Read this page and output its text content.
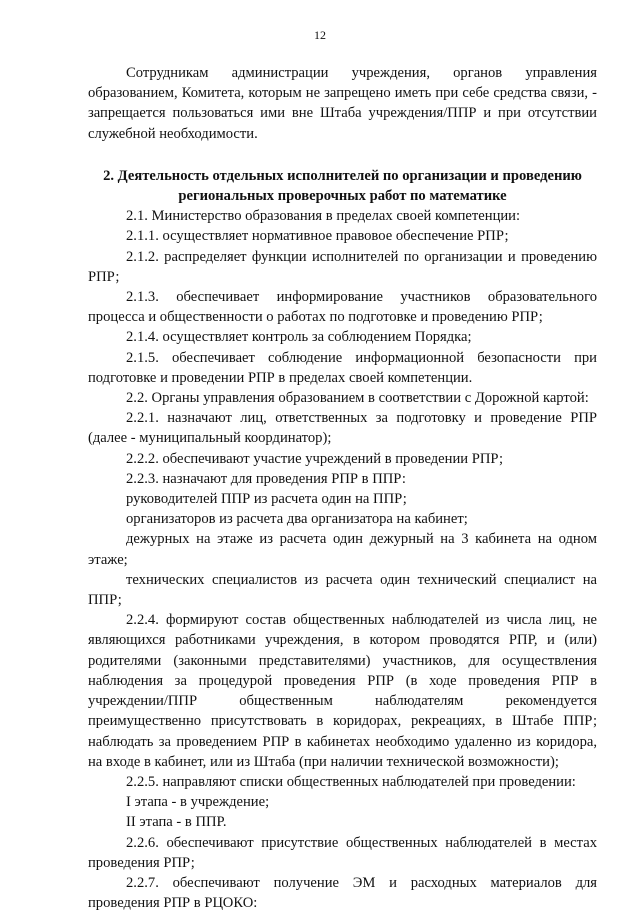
12

Сотрудникам администрации учреждения, органов управления образованием, Комитета, которым не запрещено иметь при себе средства связи, - запрещается пользоваться ими вне Штаба учреждения/ППР и при отсутствии служебной необходимости.

2. Деятельность отдельных исполнителей по организации и проведению региональных проверочных работ по математике

2.1. Министерство образования в пределах своей компетенции:

2.1.1. осуществляет нормативное правовое обеспечение РПР;

2.1.2. распределяет функции исполнителей по организации и проведению РПР;

2.1.3. обеспечивает информирование участников образовательного процесса и общественности о работах по подготовке и проведению РПР;

2.1.4. осуществляет контроль за соблюдением Порядка;

2.1.5. обеспечивает соблюдение информационной безопасности при подготовке и проведении РПР в пределах своей компетенции.

2.2. Органы управления образованием в соответствии с Дорожной картой:

2.2.1. назначают лиц, ответственных за подготовку и проведение РПР (далее - муниципальный координатор);

2.2.2. обеспечивают участие учреждений в проведении РПР;

2.2.3. назначают для проведения РПР в ППР:

руководителей ППР из расчета один на ППР;

организаторов из расчета два организатора на кабинет;

дежурных на этаже из расчета один дежурный на 3 кабинета на одном этаже;

технических специалистов из расчета один технический специалист на ППР;

2.2.4. формируют состав общественных наблюдателей из числа лиц, не являющихся работниками учреждения, в котором проводятся РПР, и (или) родителями (законными представителями) участников, для осуществления наблюдения за процедурой проведения РПР (в ходе проведения РПР в учреждении/ППР общественным наблюдателям рекомендуется преимущественно присутствовать в коридорах, рекреациях, в Штабе ППР; наблюдать за проведением РПР в кабинетах необходимо удаленно из коридора, на входе в кабинет, или из Штаба (при наличии технической возможности);

2.2.5. направляют списки общественных наблюдателей при проведении:

I этапа - в учреждение;

II этапа - в ППР.

2.2.6. обеспечивают присутствие общественных наблюдателей в местах проведения РПР;

2.2.7. обеспечивают получение ЭМ и расходных материалов для проведения РПР в РЦОКО:
